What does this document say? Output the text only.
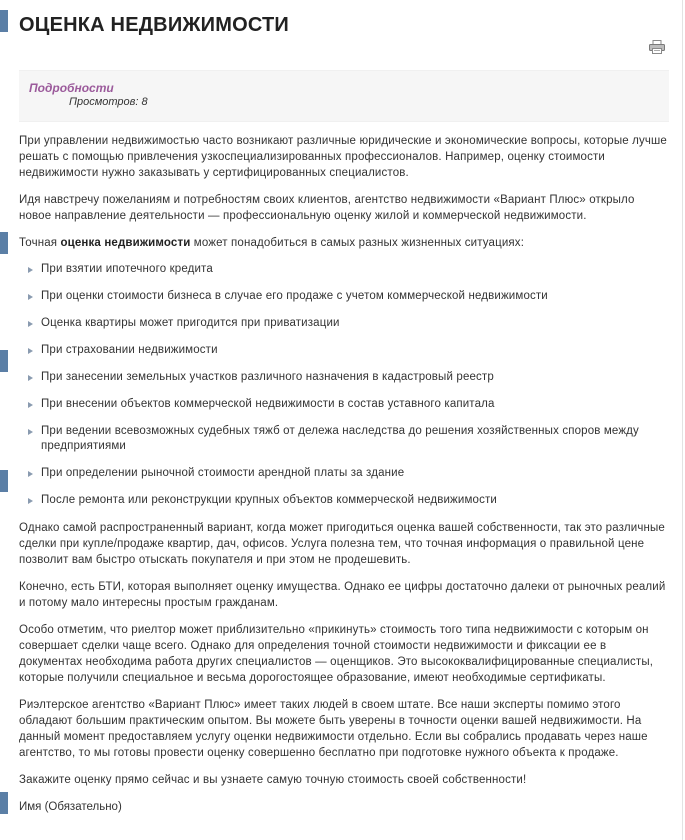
ОЦЕНКА НЕДВИЖИМОСТИ
Подробности
Просмотров: 8

При управлении недвижимостью часто возникают различные юридические и экономические вопросы, которые лучше решать с помощью привлечения узкоспециализированных профессионалов. Например, оценку стоимости недвижимости нужно заказывать у сертифицированных специалистов.

Идя навстречу пожеланиям и потребностям своих клиентов, агентство недвижимости «Вариант Плюс» открыло новое направление деятельности — профессиональную оценку жилой и коммерческой недвижимости.

Точная оценка недвижимости может понадобиться в самых разных жизненных ситуациях:

При взятии ипотечного кредита
При оценки стоимости бизнеса в случае его продаже с учетом коммерческой недвижимости
Оценка квартиры может пригодится при приватизации
При страховании недвижимости
При занесении земельных участков различного назначения в кадастровый реестр
При внесении объектов коммерческой недвижимости в состав уставного капитала
При ведении всевозможных судебных тяжб от дележа наследства до решения хозяйственных споров между предприятиями
При определении рыночной стоимости арендной платы за здание
После ремонта или реконструкции крупных объектов коммерческой недвижимости

Однако самой распространенный вариант, когда может пригодиться оценка вашей собственности, так это различные сделки при купле/продаже квартир, дач, офисов. Услуга полезна тем, что точная информация о правильной цене позволит вам быстро отыскать покупателя и при этом не продешевить.

Конечно, есть БТИ, которая выполняет оценку имущества. Однако ее цифры достаточно далеки от рыночных реалий и потому мало интересны простым гражданам.

Особо отметим, что риелтор может приблизительно «прикинуть» стоимость того типа недвижимости с которым он совершает сделки чаще всего. Однако для определения точной стоимости недвижимости и фиксации ее в документах необходима работа других специалистов — оценщиков. Это высококвалифицированные специалисты, которые получили специальное и весьма дорогостоящее образование, имеют необходимые сертификаты.

Риэлтерское агентство «Вариант Плюс» имеет таких людей в своем штате. Все наши эксперты помимо этого обладают большим практическим опытом. Вы можете быть уверены в точности оценки вашей недвижимости. На данный момент предоставляем услугу оценки недвижимости отдельно. Если вы собрались продавать через наше агентство, то мы готовы провести оценку совершенно бесплатно при подготовке нужного объекта к продаже.

Закажите оценку прямо сейчас и вы узнаете самую точную стоимость своей собственности!

Имя (Обязательно)
